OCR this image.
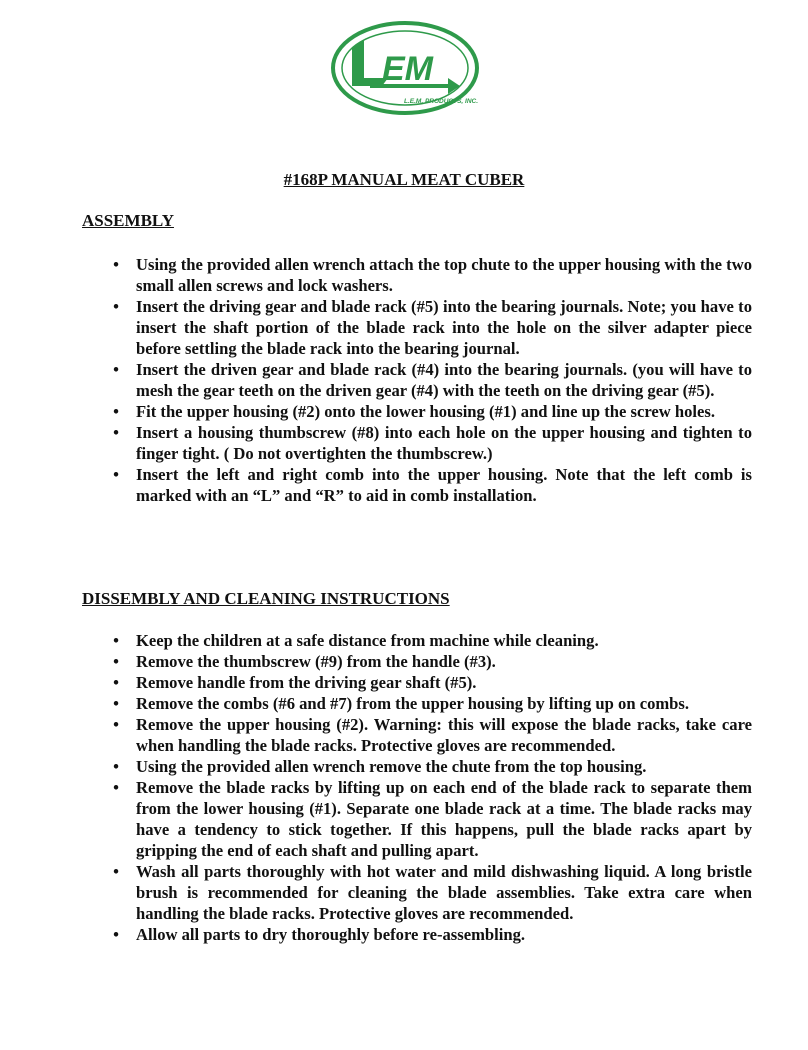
EM
L.E.M. PRODUCTS, INC.
#168P MANUAL MEAT CUBER
ASSEMBLY
• Using the provided allen wrench attach the top chute to the upper housing with the two small allen screws and lock washers.
• Insert the driving gear and blade rack (#5) into the bearing journals. Note; you have to insert the shaft portion of the blade rack into the hole on the silver adapter piece before settling the blade rack into the bearing journal.
• Insert the driven gear and blade rack (#4) into the bearing journals. (you will have to mesh the gear teeth on the driven gear (#4) with the teeth on the driving gear (#5).
• Fit the upper housing (#2) onto the lower housing (#1) and line up the screw holes.
• Insert a housing thumbscrew (#8) into each hole on the upper housing and tighten to finger tight. ( Do not overtighten the thumbscrew.)
• Insert the left and right comb into the upper housing. Note that the left comb is marked with an “L” and “R” to aid in comb installation.
DISSEMBLY AND CLEANING INSTRUCTIONS
• Keep the children at a safe distance from machine while cleaning.
• Remove the thumbscrew (#9) from the handle (#3).
• Remove handle from the driving gear shaft (#5).
• Remove the combs (#6 and #7) from the upper housing by lifting up on combs.
• Remove the upper housing (#2). Warning: this will expose the blade racks, take care when handling the blade racks. Protective gloves are recommended.
• Using the provided allen wrench remove the chute from the top housing.
• Remove the blade racks by lifting up on each end of the blade rack to separate them from the lower housing (#1). Separate one blade rack at a time. The blade racks may have a tendency to stick together. If this happens, pull the blade racks apart by gripping the end of each shaft and pulling apart.
• Wash all parts thoroughly with hot water and mild dishwashing liquid. A long bristle brush is recommended for cleaning the blade assemblies. Take extra care when handling the blade racks. Protective gloves are recommended.
• Allow all parts to dry thoroughly before re-assembling.
